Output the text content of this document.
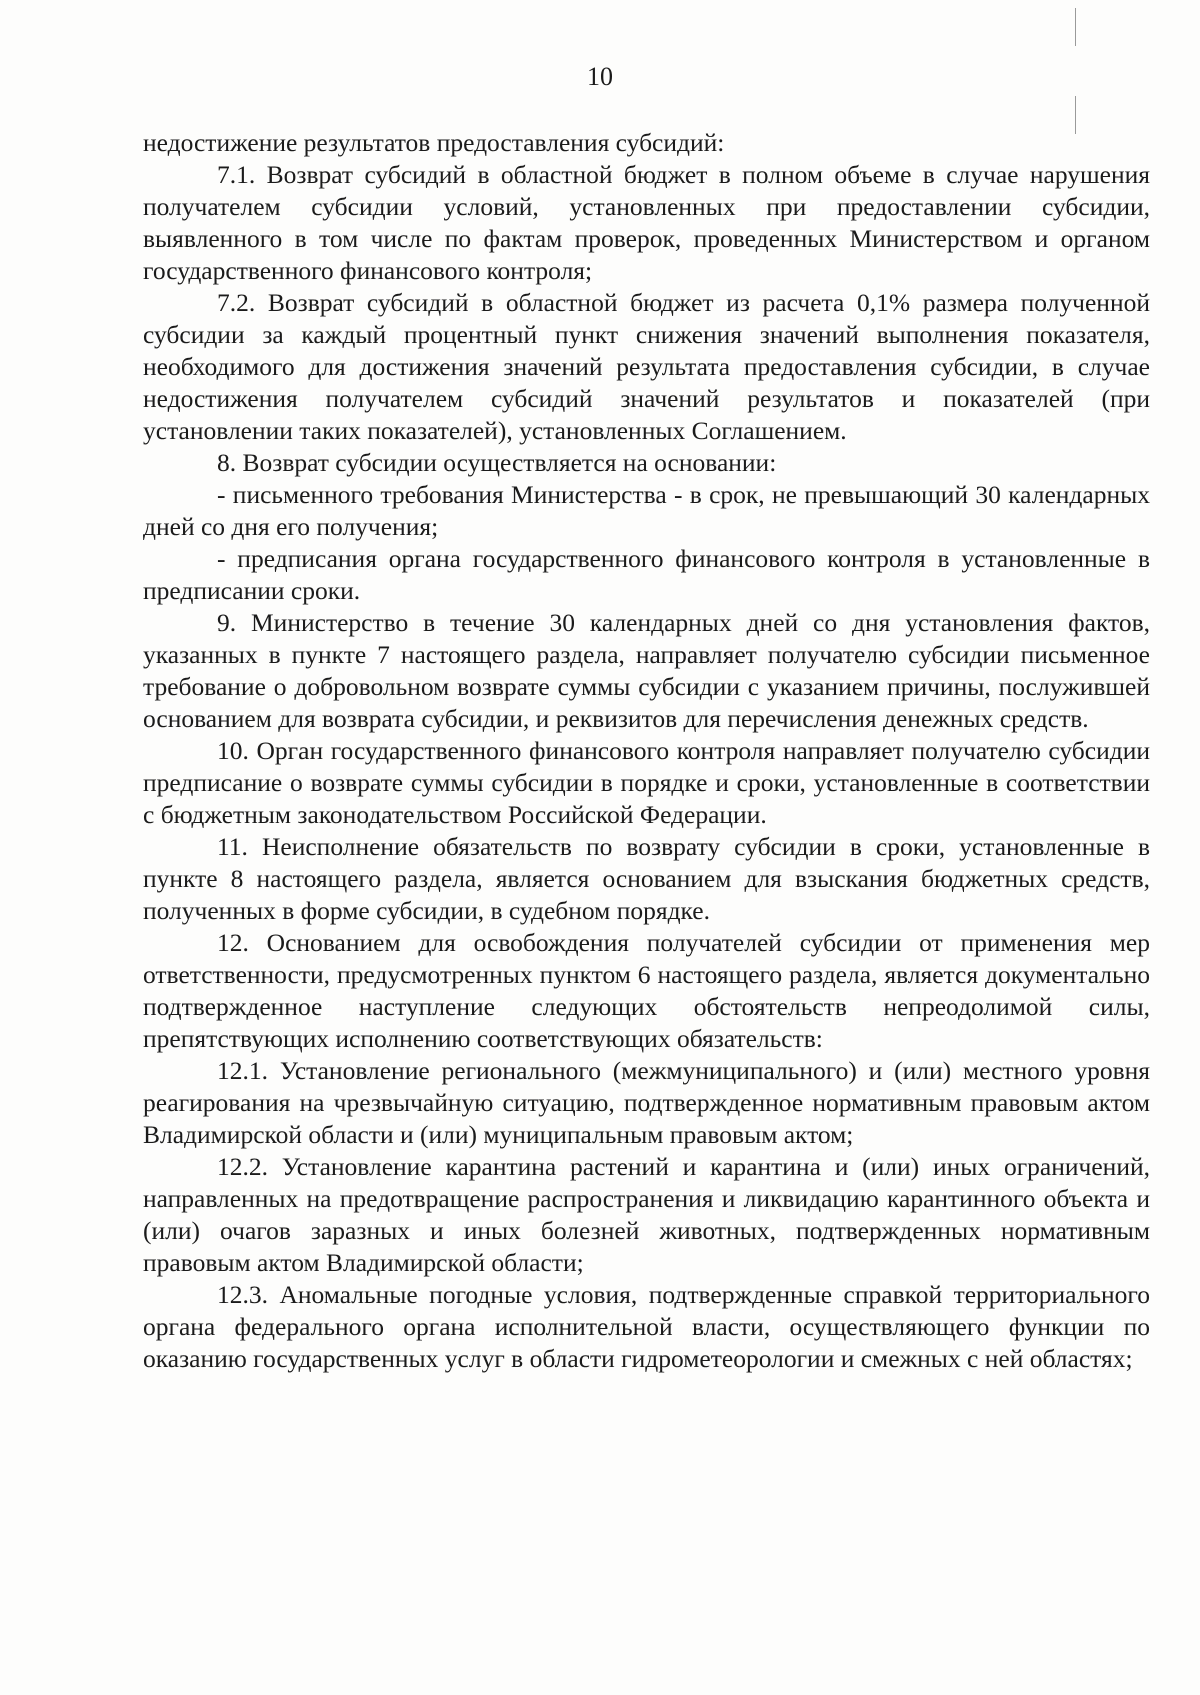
10

недостижение результатов предоставления субсидий:

7.1. Возврат субсидий в областной бюджет в полном объеме в случае нарушения получателем субсидии условий, установленных при предоставлении субсидии, выявленного в том числе по фактам проверок, проведенных Министерством и органом государственного финансового контроля;

7.2. Возврат субсидий в областной бюджет из расчета 0,1% размера полученной субсидии за каждый процентный пункт снижения значений выполнения показателя, необходимого для достижения значений результата предоставления субсидии, в случае недостижения получателем субсидий значений результатов и показателей (при установлении таких показателей), установленных Соглашением.

8. Возврат субсидии осуществляется на основании:

- письменного требования Министерства - в срок, не превышающий 30 календарных дней со дня его получения;

- предписания органа государственного финансового контроля в установленные в предписании сроки.

9. Министерство в течение 30 календарных дней со дня установления фактов, указанных в пункте 7 настоящего раздела, направляет получателю субсидии письменное требование о добровольном возврате суммы субсидии с указанием причины, послужившей основанием для возврата субсидии, и реквизитов для перечисления денежных средств.

10. Орган государственного финансового контроля направляет получателю субсидии предписание о возврате суммы субсидии в порядке и сроки, установленные в соответствии с бюджетным законодательством Российской Федерации.

11. Неисполнение обязательств по возврату субсидии в сроки, установленные в пункте 8 настоящего раздела, является основанием для взыскания бюджетных средств, полученных в форме субсидии, в судебном порядке.

12. Основанием для освобождения получателей субсидии от применения мер ответственности, предусмотренных пунктом 6 настоящего раздела, является документально подтвержденное наступление следующих обстоятельств непреодолимой силы, препятствующих исполнению соответствующих обязательств:

12.1. Установление регионального (межмуниципального) и (или) местного уровня реагирования на чрезвычайную ситуацию, подтвержденное нормативным правовым актом Владимирской области и (или) муниципальным правовым актом;

12.2. Установление карантина растений и карантина и (или) иных ограничений, направленных на предотвращение распространения и ликвидацию карантинного объекта и (или) очагов заразных и иных болезней животных, подтвержденных нормативным правовым актом Владимирской области;

12.3. Аномальные погодные условия, подтвержденные справкой территориального органа федерального органа исполнительной власти, осуществляющего функции по оказанию государственных услуг в области гидрометеорологии и смежных с ней областях;
